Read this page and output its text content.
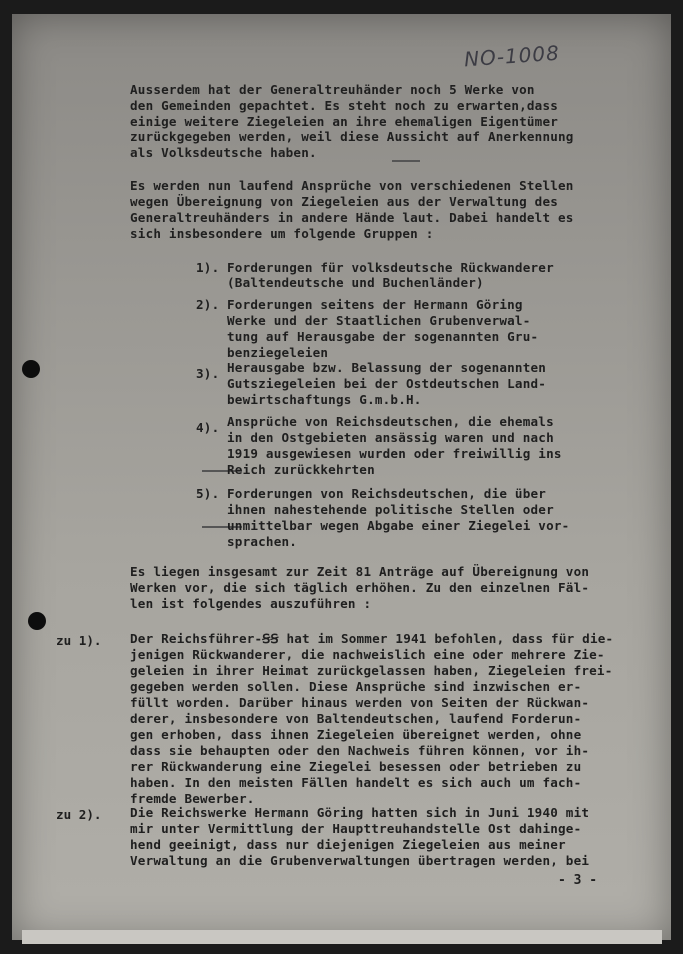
NO-1008
Ausserdem hat der Generaltreuhänder noch 5 Werke von
den Gemeinden gepachtet. Es steht noch zu erwarten,dass
einige weitere Ziegeleien an ihre ehemaligen Eigentümer
zurückgegeben werden, weil diese Aussicht auf Anerkennung
als Volksdeutsche haben.
Es werden nun laufend Ansprüche von verschiedenen Stellen
wegen Übereignung von Ziegeleien aus der Verwaltung des
Generaltreuhänders in andere Hände laut. Dabei handelt es
sich insbesondere um folgende Gruppen :
1). Forderungen für volksdeutsche Rückwanderer
(Baltendeutsche und Buchenländer)
2). Forderungen seitens der Hermann Göring
Werke und der Staatlichen Grubenverwal-
tung auf Herausgabe der sogenannten Gru-
benziegeleien
3). Herausgabe bzw. Belassung der sogenannten
Gutsziegeleien bei der Ostdeutschen Land-
bewirtschaftungs G.m.b.H.
4). Ansprüche von Reichsdeutschen, die ehemals
in den Ostgebieten ansässig waren und nach
1919 ausgewiesen wurden oder freiwillig ins
Reich zurückkehrten
5). Forderungen von Reichsdeutschen, die über
ihnen nahestehende politische Stellen oder
unmittelbar wegen Abgabe einer Ziegelei vor-
sprachen.
Es liegen insgesamt zur Zeit 81 Anträge auf Übereignung von
Werken vor, die sich täglich erhöhen. Zu den einzelnen Fäl-
len ist folgendes auszuführen :
zu 1). Der Reichsführer-ꞨꞨ hat im Sommer 1941 befohlen, dass für die-
jenigen Rückwanderer, die nachweislich eine oder mehrere Zie-
geleien in ihrer Heimat zurückgelassen haben, Ziegeleien frei-
gegeben werden sollen. Diese Ansprüche sind inzwischen er-
füllt worden. Darüber hinaus werden von Seiten der Rückwan-
derer, insbesondere von Baltendeutschen, laufend Forderun-
gen erhoben, dass ihnen Ziegeleien übereignet werden, ohne
dass sie behaupten oder den Nachweis führen können, vor ih-
rer Rückwanderung eine Ziegelei besessen oder betrieben zu
haben. In den meisten Fällen handelt es sich auch um fach-
fremde Bewerber.
zu 2). Die Reichswerke Hermann Göring hatten sich in Juni 1940 mit
mir unter Vermittlung der Haupttreuhandstelle Ost dahinge-
hend geeinigt, dass nur diejenigen Ziegeleien aus meiner
Verwaltung an die Grubenverwaltungen übertragen werden, bei
- 3 -
